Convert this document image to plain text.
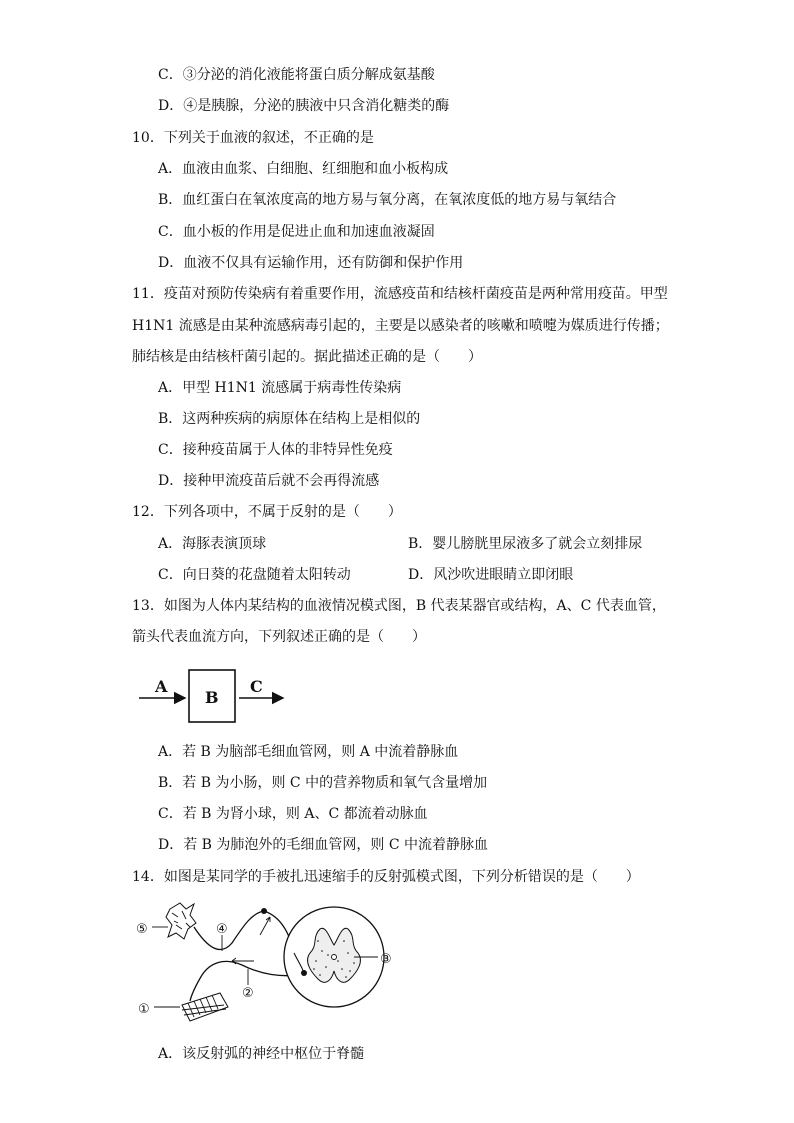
C．③分泌的消化液能将蛋白质分解成氨基酸
D．④是胰腺，分泌的胰液中只含消化糖类的酶
10．下列关于血液的叙述，不正确的是
A．血液由血浆、白细胞、红细胞和血小板构成
B．血红蛋白在氧浓度高的地方易与氧分离，在氧浓度低的地方易与氧结合
C．血小板的作用是促进止血和加速血液凝固
D．血液不仅具有运输作用，还有防御和保护作用
11．疫苗对预防传染病有着重要作用，流感疫苗和结核杆菌疫苗是两种常用疫苗。甲型
H1N1 流感是由某种流感病毒引起的，主要是以感染者的咳嗽和喷嚏为媒质进行传播；
肺结核是由结核杆菌引起的。据此描述正确的是（　　）
A．甲型 H1N1 流感属于病毒性传染病
B．这两种疾病的病原体在结构上是相似的
C．接种疫苗属于人体的非特异性免疫
D．接种甲流疫苗后就不会再得流感
12．下列各项中，不属于反射的是（　　）
A．海豚表演顶球	B．婴儿膀胱里尿液多了就会立刻排尿
C．向日葵的花盘随着太阳转动	D．风沙吹进眼睛立即闭眼
13．如图为人体内某结构的血液情况模式图，B 代表某器官或结构，A、C 代表血管，
箭头代表血流方向，下列叙述正确的是（　　）
A
B
C
A．若 B 为脑部毛细血管网，则 A 中流着静脉血
B．若 B 为小肠，则 C 中的营养物质和氧气含量增加
C．若 B 为肾小球，则 A、C 都流着动脉血
D．若 B 为肺泡外的毛细血管网，则 C 中流着静脉血
14．如图是某同学的手被扎迅速缩手的反射弧模式图，下列分析错误的是（　　）
⑤	④
③
②
①
A．该反射弧的神经中枢位于脊髓
